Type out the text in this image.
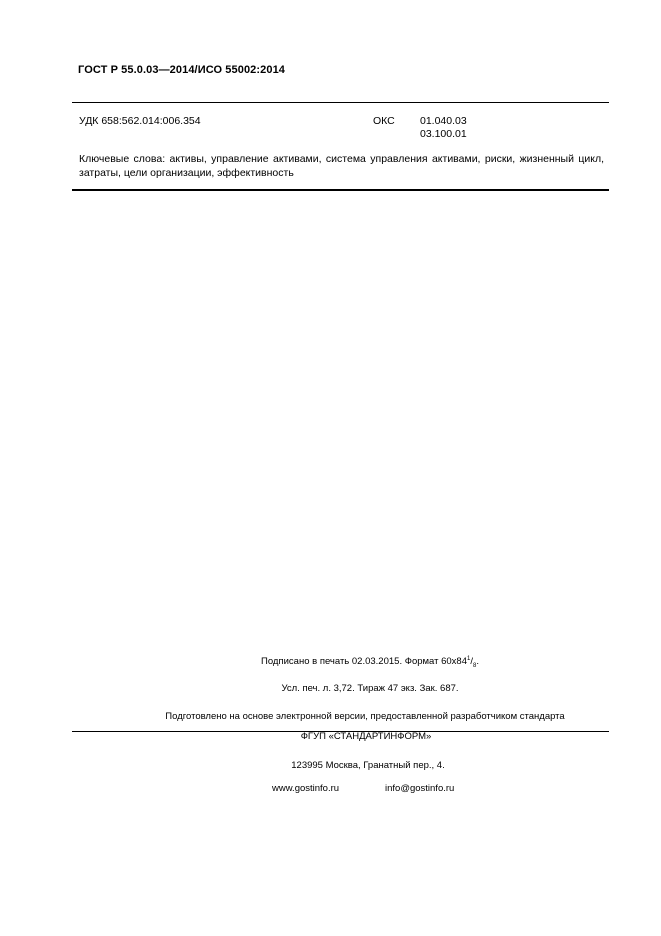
ГОСТ Р 55.0.03—2014/ИСО 55002:2014
УДК 658:562.014:006.354	ОКС 01.040.03
03.100.01
Ключевые слова: активы, управление активами, система управления активами, риски, жизненный цикл, затраты, цели организации, эффективность
Подписано в печать 02.03.2015. Формат $60x84^1/_8$.
Усл. печ. л. 3,72. Тираж 47 экз. Зак. 687.
Подготовлено на основе электронной версии, предоставленной разработчиком стандарта
ФГУП «СТАНДАРТИНФОРМ»
123995 Москва, Гранатный пер., 4.
www.gostinfo.ru	info@gostinfo.ru
